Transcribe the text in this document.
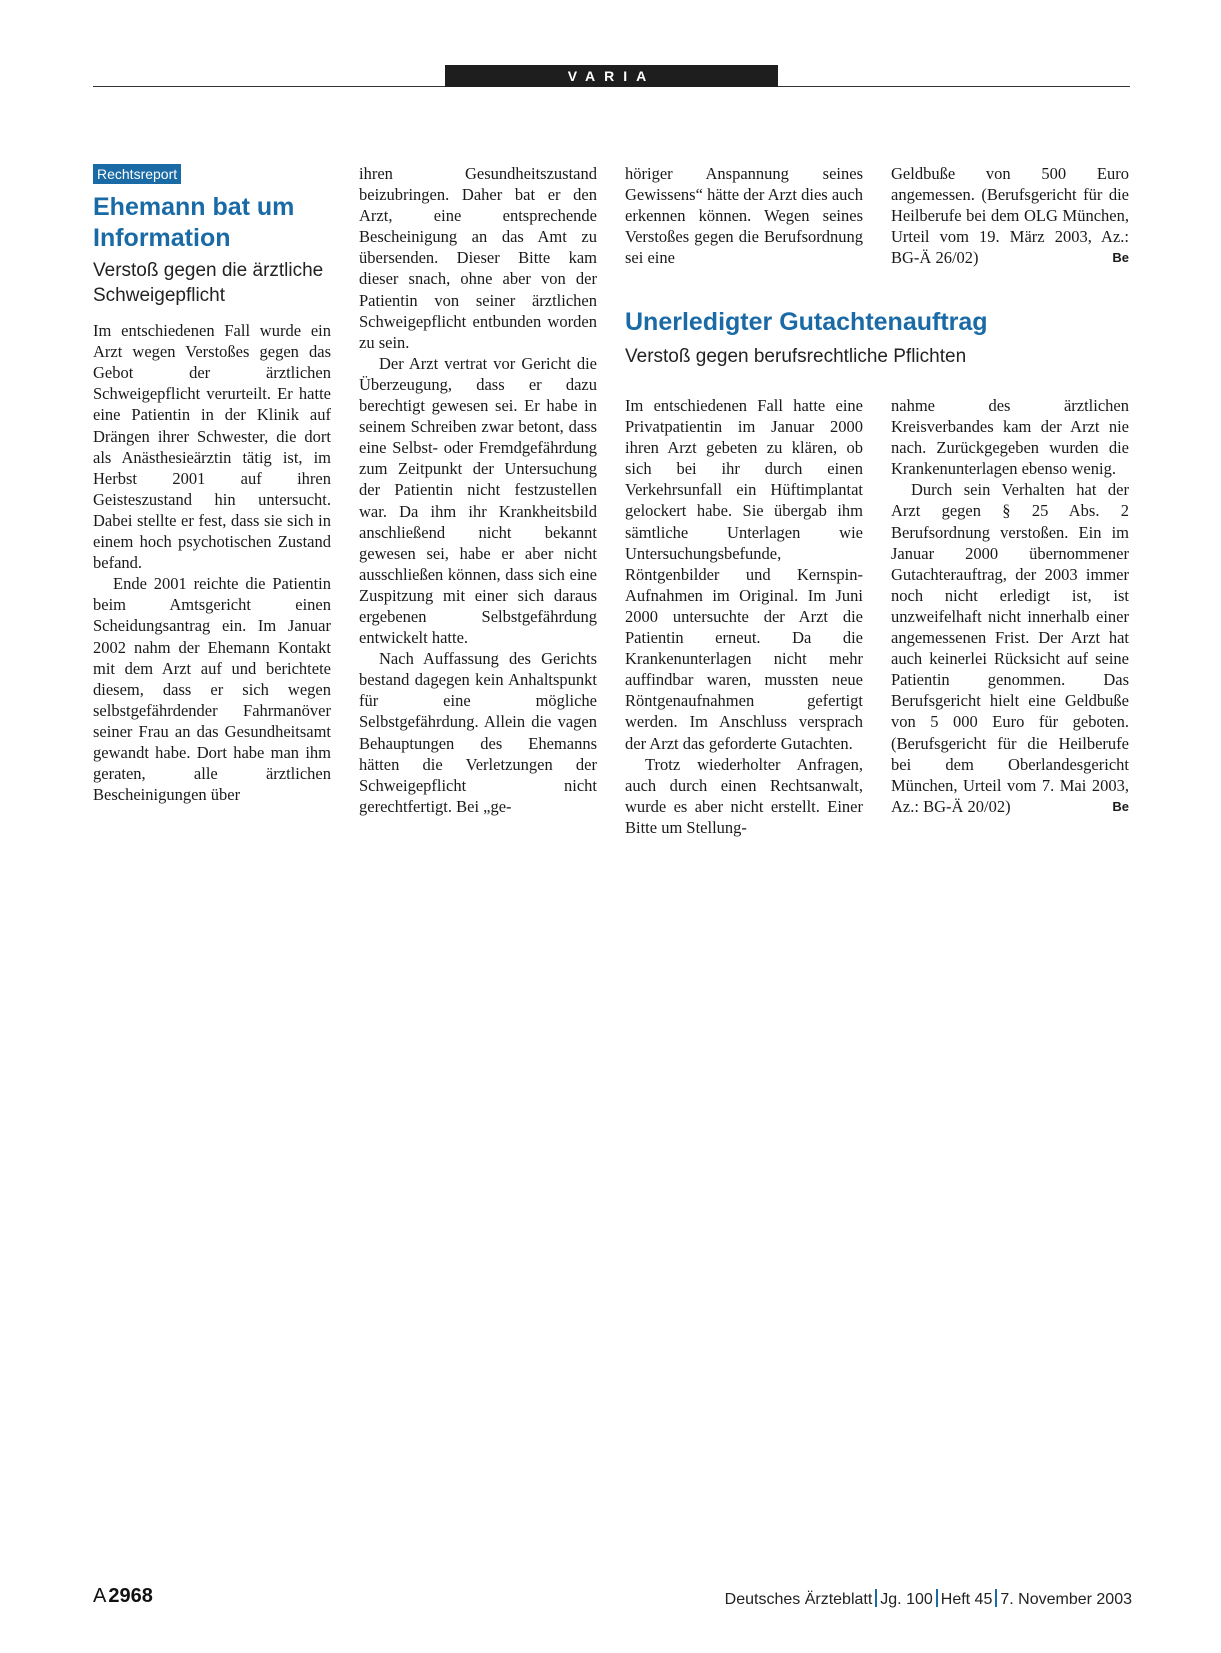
VARIA
Rechtsreport
Ehemann bat um
Information
Verstoß gegen die ärztliche
Schweigepflicht

Im entschiedenen Fall wurde ein Arzt wegen Verstoßes gegen das Gebot der ärztlichen Schweigepflicht verurteilt. Er hatte eine Patientin in der Klinik auf Drängen ihrer Schwester, die dort als Anästhesieärztin tätig ist, im Herbst 2001 auf ihren Geisteszustand hin untersucht. Dabei stellte er fest, dass sie sich in einem hoch psychotischen Zustand befand.

Ende 2001 reichte die Patientin beim Amtsgericht einen Scheidungsantrag ein. Im Januar 2002 nahm der Ehemann Kontakt mit dem Arzt auf und berichtete diesem, dass er sich wegen selbstgefährdender Fahrmanöver seiner Frau an das Gesundheitsamt gewandt habe. Dort habe man ihm geraten, alle ärztlichen Bescheinigungen über

ihren Gesundheitszustand beizubringen. Daher bat er den Arzt, eine entsprechende Bescheinigung an das Amt zu übersenden. Dieser Bitte kam dieser snach, ohne aber von der Patientin von seiner ärztlichen Schweigepflicht entbunden worden zu sein.

Der Arzt vertrat vor Gericht die Überzeugung, dass er dazu berechtigt gewesen sei. Er habe in seinem Schreiben zwar betont, dass eine Selbst- oder Fremdgefährdung zum Zeitpunkt der Untersuchung der Patientin nicht festzustellen war. Da ihm ihr Krankheitsbild anschließend nicht bekannt gewesen sei, habe er aber nicht ausschließen können, dass sich eine Zuspitzung mit einer sich daraus ergebenen Selbstgefährdung entwickelt hatte.

Nach Auffassung des Gerichts bestand dagegen kein Anhaltspunkt für eine mögliche Selbstgefährdung. Allein die vagen Behauptungen des Ehemanns hätten die Verletzungen der Schweigepflicht nicht gerechtfertigt. Bei „ge-

höriger Anspannung seines Gewissens“ hätte der Arzt dies auch erkennen können. Wegen seines Verstoßes gegen die Berufsordnung sei eine

Geldbuße von 500 Euro angemessen. (Berufsgericht für die Heilberufe bei dem OLG München, Urteil vom 19. März 2003, Az.: BG-Ä 26/02)	Be

Unerledigter Gutachtenauftrag
Verstoß gegen berufsrechtliche Pflichten

Im entschiedenen Fall hatte eine Privatpatientin im Januar 2000 ihren Arzt gebeten zu klären, ob sich bei ihr durch einen Verkehrsunfall ein Hüftimplantat gelockert habe. Sie übergab ihm sämtliche Unterlagen wie Untersuchungsbefunde, Röntgenbilder und Kernspin-Aufnahmen im Original. Im Juni 2000 untersuchte der Arzt die Patientin erneut. Da die Krankenunterlagen nicht mehr auffindbar waren, mussten neue Röntgenaufnahmen gefertigt werden. Im Anschluss versprach der Arzt das geforderte Gutachten.

Trotz wiederholter Anfragen, auch durch einen Rechtsanwalt, wurde es aber nicht erstellt. Einer Bitte um Stellung-

nahme des ärztlichen Kreisverbandes kam der Arzt nie nach. Zurückgegeben wurden die Krankenunterlagen ebenso wenig.

Durch sein Verhalten hat der Arzt gegen § 25 Abs. 2 Berufsordnung verstoßen. Ein im Januar 2000 übernommener Gutachterauftrag, der 2003 immer noch nicht erledigt ist, ist unzweifelhaft nicht innerhalb einer angemessenen Frist. Der Arzt hat auch keinerlei Rücksicht auf seine Patientin genommen. Das Berufsgericht hielt eine Geldbuße von 5 000 Euro für geboten. (Berufsgericht für die Heilberufe bei dem Oberlandesgericht München, Urteil vom 7. Mai 2003, Az.: BG-Ä 20/02)	Be

A 2968	Deutsches Ärzteblatt Jg. 100 Heft 45 7. November 2003
